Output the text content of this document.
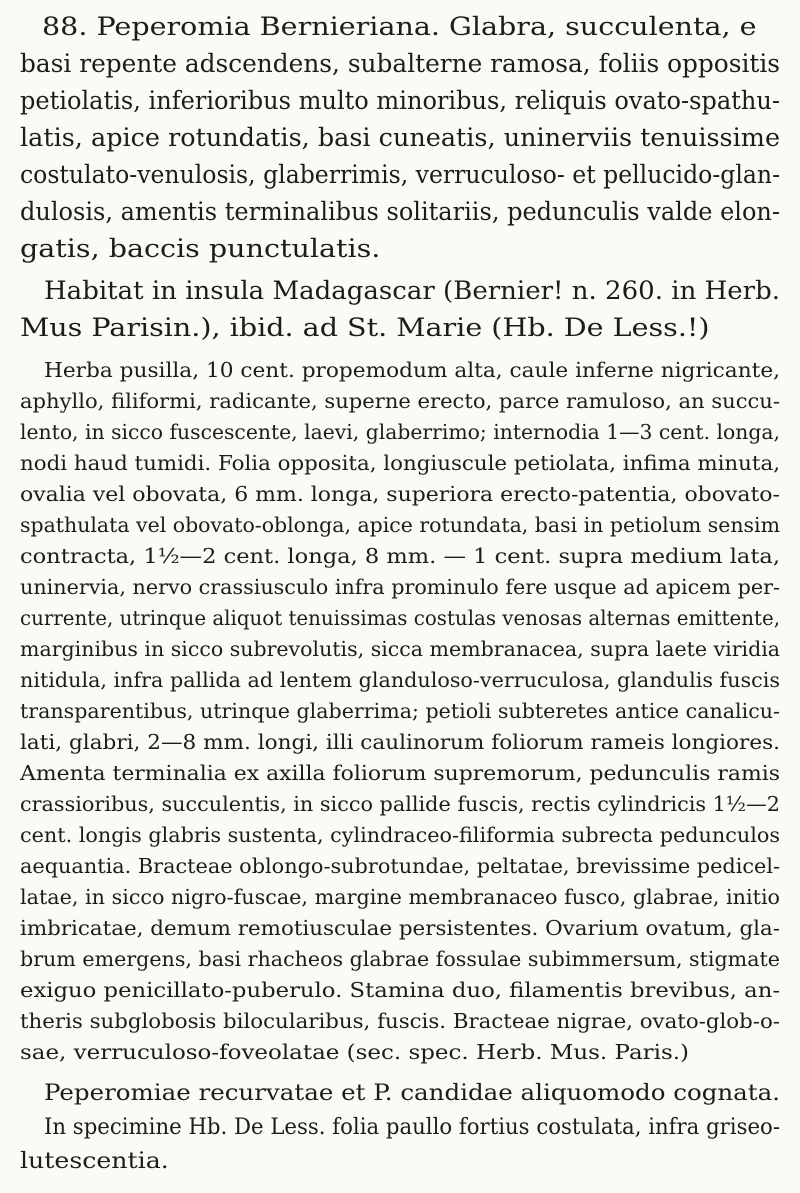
88. Peperomia Bernieriana. Glabra, succulenta, e
basi repente adscendens, subalterne ramosa, foliis oppositis
petiolatis, inferioribus multo minoribus, reliquis ovato-spathu-
latis, apice rotundatis, basi cuneatis, uninerviis tenuissime
costulato-venulosis, glaberrimis, verruculoso- et pellucido-glan-
dulosis, amentis terminalibus solitariis, pedunculis valde elon-
gatis, baccis punctulatis.
Habitat in insula Madagascar (Bernier! n. 260. in Herb.
Mus Parisin.), ibid. ad St. Marie (Hb. De Less.!)
Herba pusilla, 10 cent. propemodum alta, caule inferne nigricante,
aphyllo, filiformi, radicante, superne erecto, parce ramuloso, an succu-
lento, in sicco fuscescente, laevi, glaberrimo; internodia 1—3 cent. longa,
nodi haud tumidi. Folia opposita, longiuscule petiolata, infima minuta,
ovalia vel obovata, 6 mm. longa, superiora erecto-patentia, obovato-
spathulata vel obovato-oblonga, apice rotundata, basi in petiolum sensim
contracta, 1½—2 cent. longa, 8 mm. — 1 cent. supra medium lata,
uninervia, nervo crassiusculo infra prominulo fere usque ad apicem per-
currente, utrinque aliquot tenuissimas costulas venosas alternas emittente,
marginibus in sicco subrevolutis, sicca membranacea, supra laete viridia
nitidula, infra pallida ad lentem glanduloso-verruculosa, glandulis fuscis
transparentibus, utrinque glaberrima; petioli subteretes antice canalicu-
lati, glabri, 2—8 mm. longi, illi caulinorum foliorum rameis longiores.
Amenta terminalia ex axilla foliorum supremorum, pedunculis ramis
crassioribus, succulentis, in sicco pallide fuscis, rectis cylindricis 1½—2
cent. longis glabris sustenta, cylindraceo-filiformia subrecta pedunculos
aequantia. Bracteae oblongo-subrotundae, peltatae, brevissime pedicel-
latae, in sicco nigro-fuscae, margine membranaceo fusco, glabrae, initio
imbricatae, demum remotiusculae persistentes. Ovarium ovatum, gla-
brum emergens, basi rhacheos glabrae fossulae subimmersum, stigmate
exiguo penicillato-puberulo. Stamina duo, filamentis brevibus, an-
theris subglobosis bilocularibus, fuscis. Bracteae nigrae, ovato-glob-o-
sae, verruculoso-foveolatae (sec. spec. Herb. Mus. Paris.)
Peperomiae recurvatae et P. candidae aliquomodo cognata.
In specimine Hb. De Less. folia paullo fortius costulata, infra griseo-
lutescentia.
